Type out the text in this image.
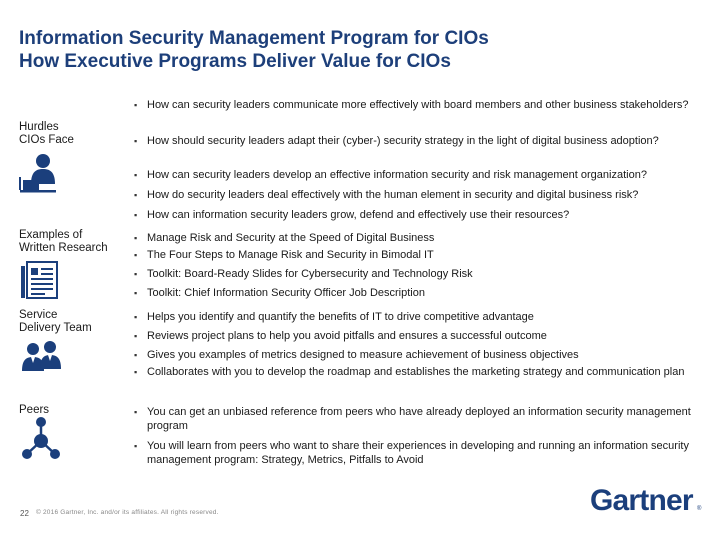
Information Security Management Program for CIOs
How Executive Programs Deliver Value for CIOs
Hurdles
CIOs Face
Examples of
Written Research
Service
Delivery Team
Peers
▪ How can security leaders communicate more effectively with board members and other business stakeholders?
▪ How should security leaders adapt their (cyber-) security strategy in the light of digital business adoption?
▪ How can security leaders develop an effective information security and risk management organization?
▪ How do security leaders deal effectively with the human element in security and digital business risk?
▪ How can information security leaders grow, defend and effectively use their resources?
▪ Manage Risk and Security at the Speed of Digital Business
▪ The Four Steps to Manage Risk and Security in Bimodal IT
▪ Toolkit: Board-Ready Slides for Cybersecurity and Technology Risk
▪ Toolkit: Chief Information Security Officer Job Description
▪ Helps you identify and quantify the benefits of IT to drive competitive advantage
▪ Reviews project plans to help you avoid pitfalls and ensures a successful outcome
▪ Gives you examples of metrics designed to measure achievement of business objectives
▪ Collaborates with you to develop the roadmap and establishes the marketing strategy and communication plan
▪ You can get an unbiased reference from peers who have already deployed an information security management program
▪ You will learn from peers who want to share their experiences in developing and running an information security management program: Strategy, Metrics, Pitfalls to Avoid
22 © 2016 Gartner, Inc. and/or its affiliates. All rights reserved.	Gartner ®
